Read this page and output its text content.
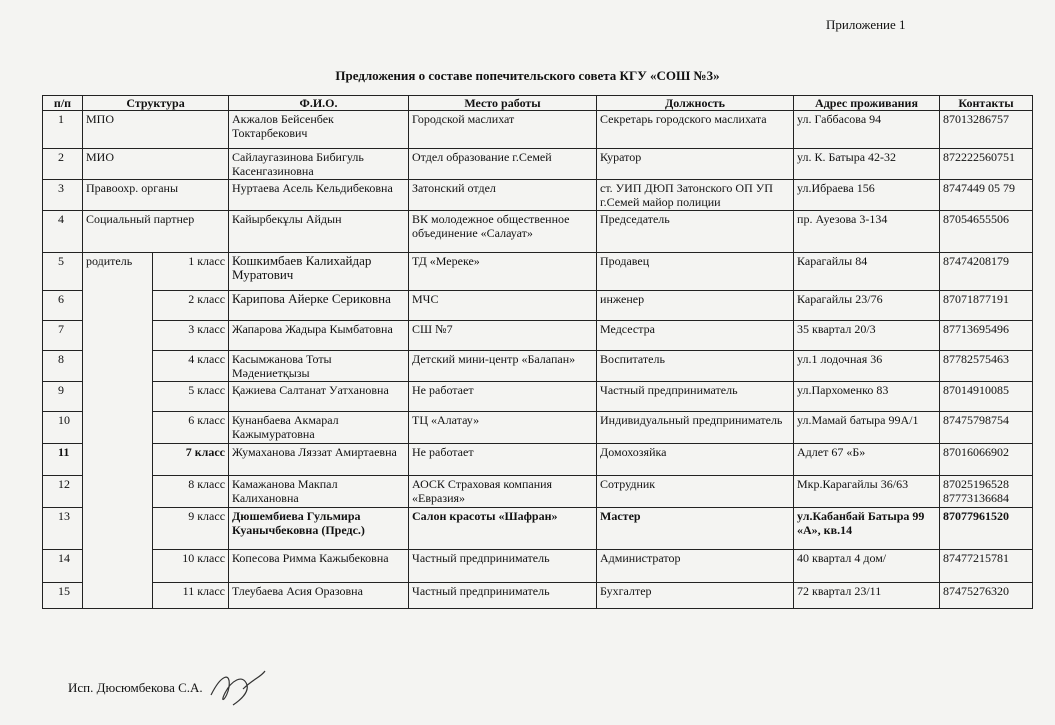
Приложение 1
Предложения о составе попечительского совета КГУ «СОШ №3»
п/п	Структура		Ф.И.О.	Место работы	Должность	Адрес проживания	Контакты
1	МПО		Акжалов Бейсенбек Токтарбекович	Городской маслихат	Секретарь городского маслихата	ул. Габбасова 94	87013286757
2	МИО		Сайлаугазинова Бибигуль Касенгазиновна	Отдел образование г.Семей	Куратор	ул. К. Батыра 42-32	872222560751
3	Правоохр. органы		Нуртаева Асель Кельдибековна	Затонский отдел	ст. УИП ДЮП Затонского ОП УП г.Семей майор полиции	ул.Ибраева 156	8747449 05 79
4	Социальный партнер		Кайырбекұлы Айдын	ВК молодежное общественное объединение «Салауат»	Председатель	пр. Ауезова 3-134	87054655506
5	родитель	1 класс	Кошкимбаев Калихайдар Муратович	ТД «Мереке»	Продавец	Карагайлы 84	87474208179
6		2 класс	Карипова Айерке Сериковна	МЧС	инженер	Карагайлы 23/76	87071877191
7		3 класс	Жапарова Жадыра Кымбатовна	СШ №7	Медсестра	35 квартал 20/3	87713695496
8		4 класс	Касымжанова Тоты Мәдениетқызы	Детский мини-центр «Балапан»	Воспитатель	ул.1 лодочная 36	87782575463
9		5 класс	Қажиева Салтанат Уатхановна	Не работает	Частный предприниматель	ул.Пархоменко 83	87014910085
10		6 класс	Кунанбаева Акмарал Кажымуратовна	ТЦ «Алатау»	Индивидуальный предприниматель	ул.Мамай батыра 99А/1	87475798754
11		7 класс	Жумаханова Ляззат Амиртаевна	Не работает	Домохозяйка	Адлет 67 «Б»	87016066902
12		8 класс	Камажанова Макпал Калихановна	АОСК Страховая компания «Евразия»	Сотрудник	Мкр.Карагайлы 36/63	87025196528 87773136684
13		9 класс	Дюшембиева Гульмира Куанычбековна (Предс.)	Салон красоты «Шафран»	Мастер	ул.Кабанбай Батыра 99 «А», кв.14	87077961520
14		10 класс	Копесова Римма Кажыбековна	Частный предприниматель	Администратор	40 квартал 4 дом/	87477215781
15		11 класс	Тлеубаева Асия Оразовна	Частный предприниматель	Бухгалтер	72 квартал 23/11	87475276320
Исп. Дюсюмбекова С.А.
